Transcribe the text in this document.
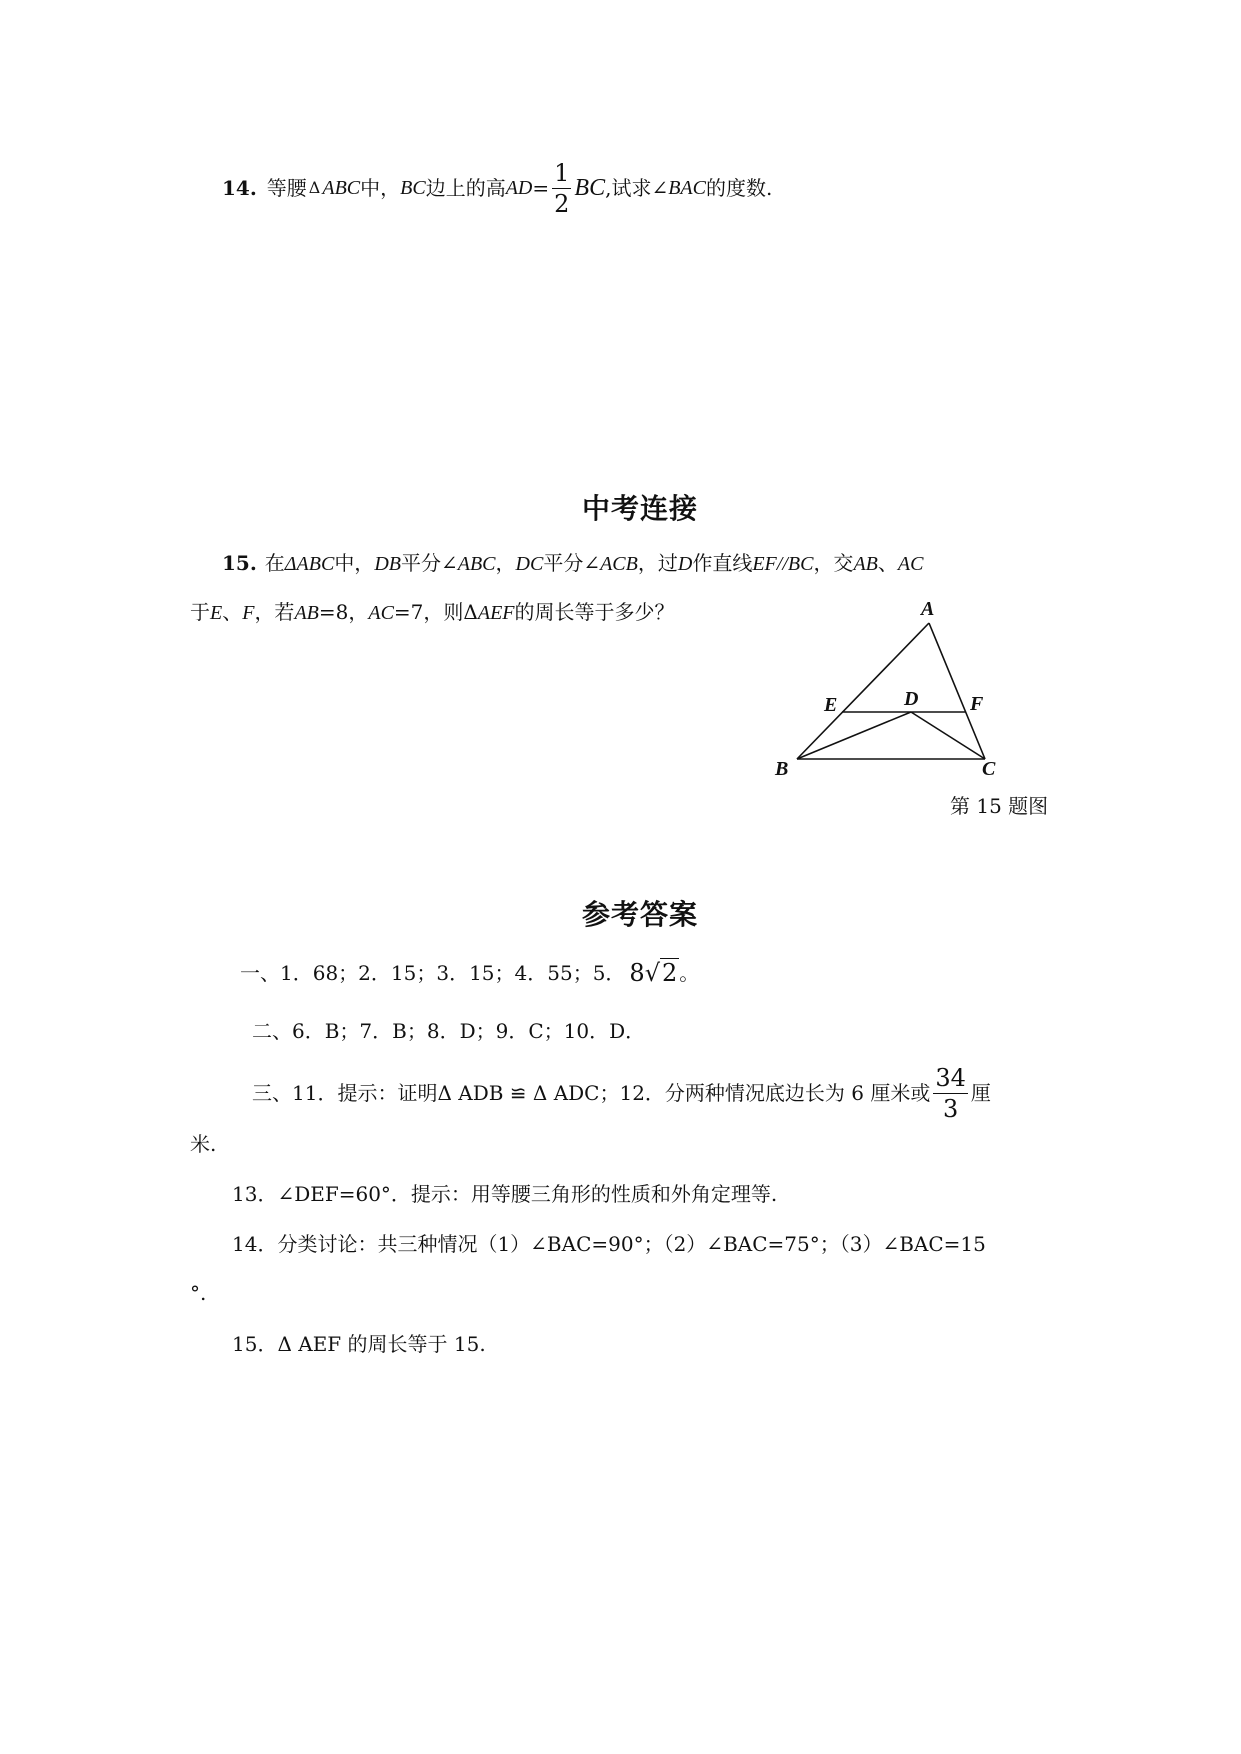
14. 等腰 Δ ABC 中， BC 边上的高 AD = $\frac{1}{2}$ BC ,试求∠ BAC 的度数.
中考连接
15. 在ΔABC中，DB平分∠ABC，DC平分∠ACB，过D作直线EF//BC，交AB、AC
于E、F，若AB=8，AC=7，则ΔAEF的周长等于多少？	A
E	D	F
B	C
第 15 题图
参考答案
一、1．68；2．15；3．15；4．55；5． 8 √2 。
二、6．B；7．B；8．D；9．C；10．D．
三、11．提示：证明Δ ADB ≌ Δ ADC；12．分两种情况底边长为 6 厘米或 $\frac{34}{3}$ 厘
米.
13．∠DEF=60°．提示：用等腰三角形的性质和外角定理等.
14．分类讨论：共三种情况（1）∠BAC=90°；（2）∠BAC=75°；（3）∠BAC=15
°.
15．Δ AEF 的周长等于 15.
